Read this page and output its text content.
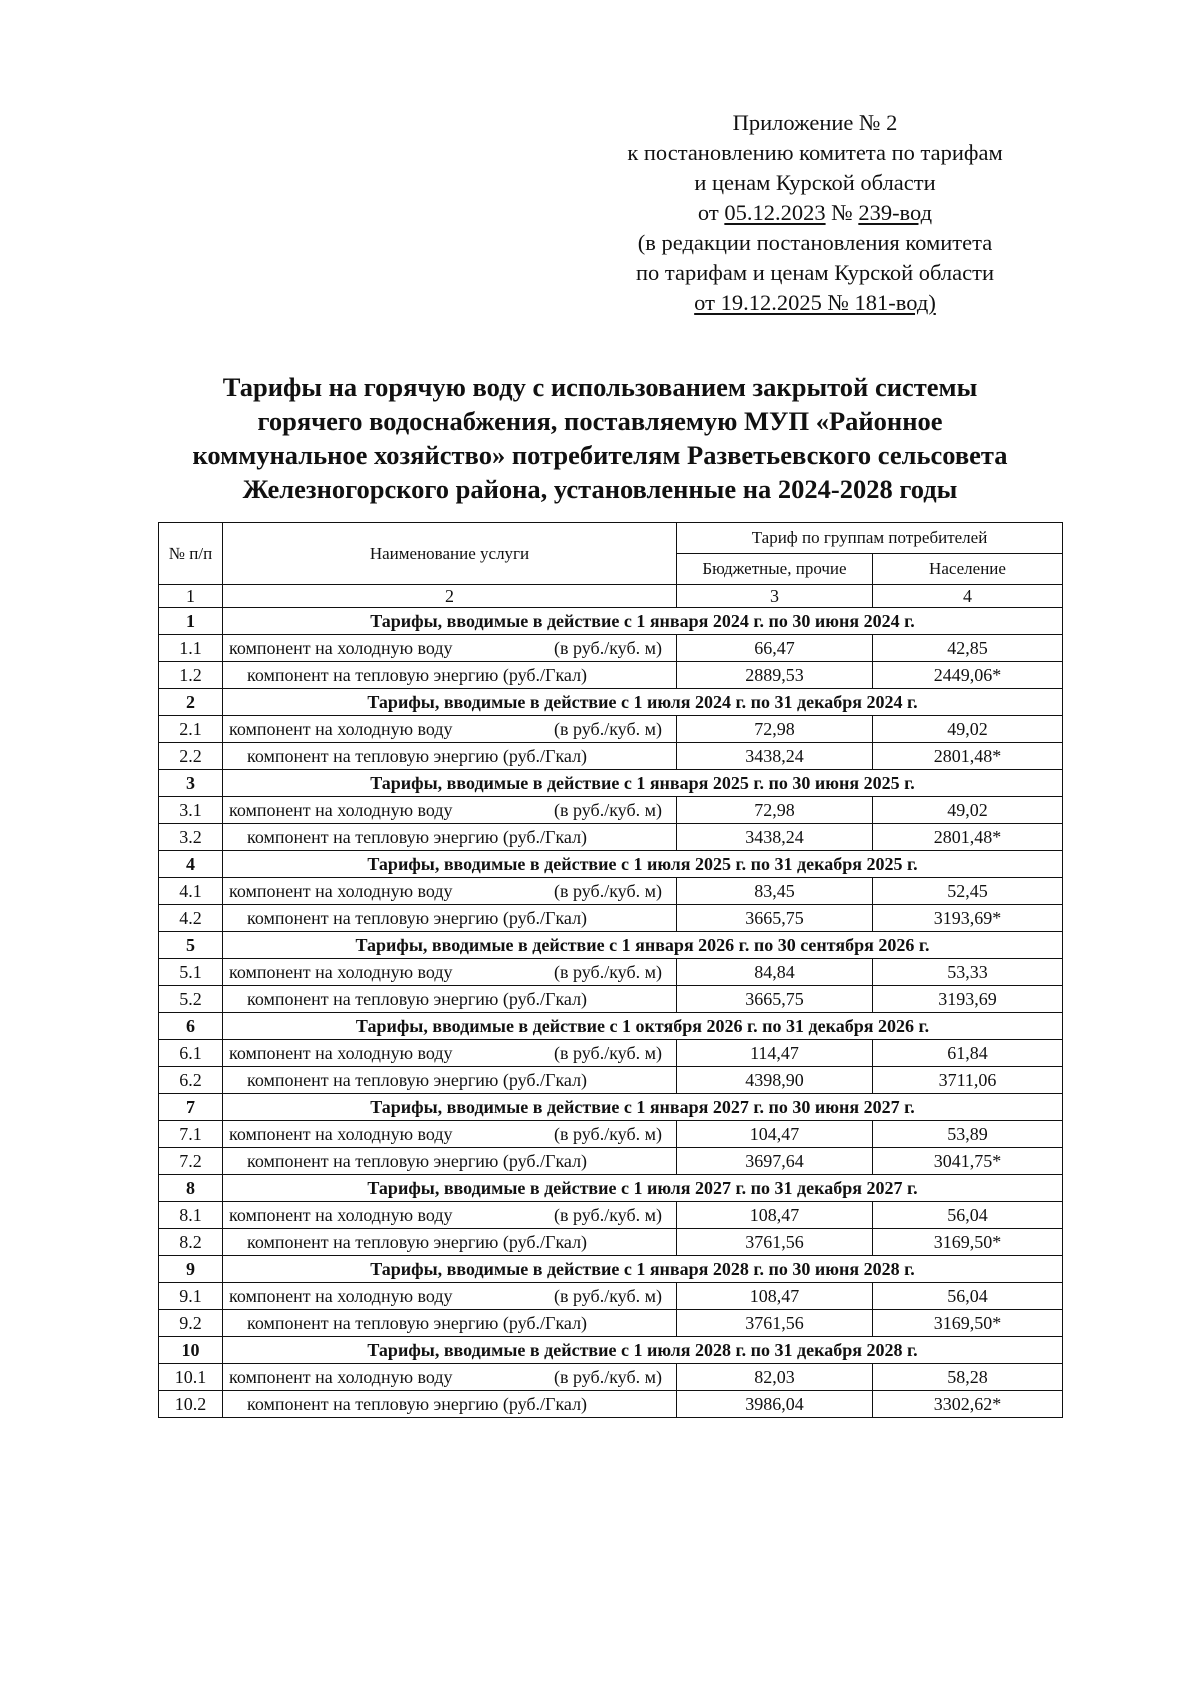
Приложение № 2
к постановлению комитета по тарифам
и ценам Курской области
от 05.12.2023 № 239-вод
(в редакции постановления комитета
по тарифам и ценам Курской области
от 19.12.2025 № 181-вод)
Тарифы на горячую воду с использованием закрытой системы
горячего водоснабжения, поставляемую МУП «Районное
коммунальное хозяйство» потребителям Разветьевского сельсовета
Железногорского района, установленные на 2024-2028 годы
№ п/п	Наименование услуги	Тариф по группам потребителей	
		Бюджетные, прочие	Население
1	2	3	4
1	Тарифы, вводимые в действие с 1 января 2024 г. по 30 июня 2024 г.		
1.1	компонент на холодную воду (в руб./куб. м)	66,47	42,85
1.2	компонент на тепловую энергию (руб./Гкал)	2889,53	2449,06*
2	Тарифы, вводимые в действие с 1 июля 2024 г. по 31 декабря 2024 г.		
2.1	компонент на холодную воду (в руб./куб. м)	72,98	49,02
2.2	компонент на тепловую энергию (руб./Гкал)	3438,24	2801,48*
3	Тарифы, вводимые в действие с 1 января 2025 г. по 30 июня 2025 г.		
3.1	компонент на холодную воду (в руб./куб. м)	72,98	49,02
3.2	компонент на тепловую энергию (руб./Гкал)	3438,24	2801,48*
4	Тарифы, вводимые в действие с 1 июля 2025 г. по 31 декабря 2025 г.		
4.1	компонент на холодную воду (в руб./куб. м)	83,45	52,45
4.2	компонент на тепловую энергию (руб./Гкал)	3665,75	3193,69*
5	Тарифы, вводимые в действие с 1 января 2026 г. по 30 сентября 2026 г.		
5.1	компонент на холодную воду (в руб./куб. м)	84,84	53,33
5.2	компонент на тепловую энергию (руб./Гкал)	3665,75	3193,69
6	Тарифы, вводимые в действие с 1 октября 2026 г. по 31 декабря 2026 г.		
6.1	компонент на холодную воду (в руб./куб. м)	114,47	61,84
6.2	компонент на тепловую энергию (руб./Гкал)	4398,90	3711,06
7	Тарифы, вводимые в действие с 1 января 2027 г. по 30 июня 2027 г.		
7.1	компонент на холодную воду (в руб./куб. м)	104,47	53,89
7.2	компонент на тепловую энергию (руб./Гкал)	3697,64	3041,75*
8	Тарифы, вводимые в действие с 1 июля 2027 г. по 31 декабря 2027 г.		
8.1	компонент на холодную воду (в руб./куб. м)	108,47	56,04
8.2	компонент на тепловую энергию (руб./Гкал)	3761,56	3169,50*
9	Тарифы, вводимые в действие с 1 января 2028 г. по 30 июня 2028 г.		
9.1	компонент на холодную воду (в руб./куб. м)	108,47	56,04
9.2	компонент на тепловую энергию (руб./Гкал)	3761,56	3169,50*
10	Тарифы, вводимые в действие с 1 июля 2028 г. по 31 декабря 2028 г.		
10.1	компонент на холодную воду (в руб./куб. м)	82,03	58,28
10.2	компонент на тепловую энергию (руб./Гкал)	3986,04	3302,62*
